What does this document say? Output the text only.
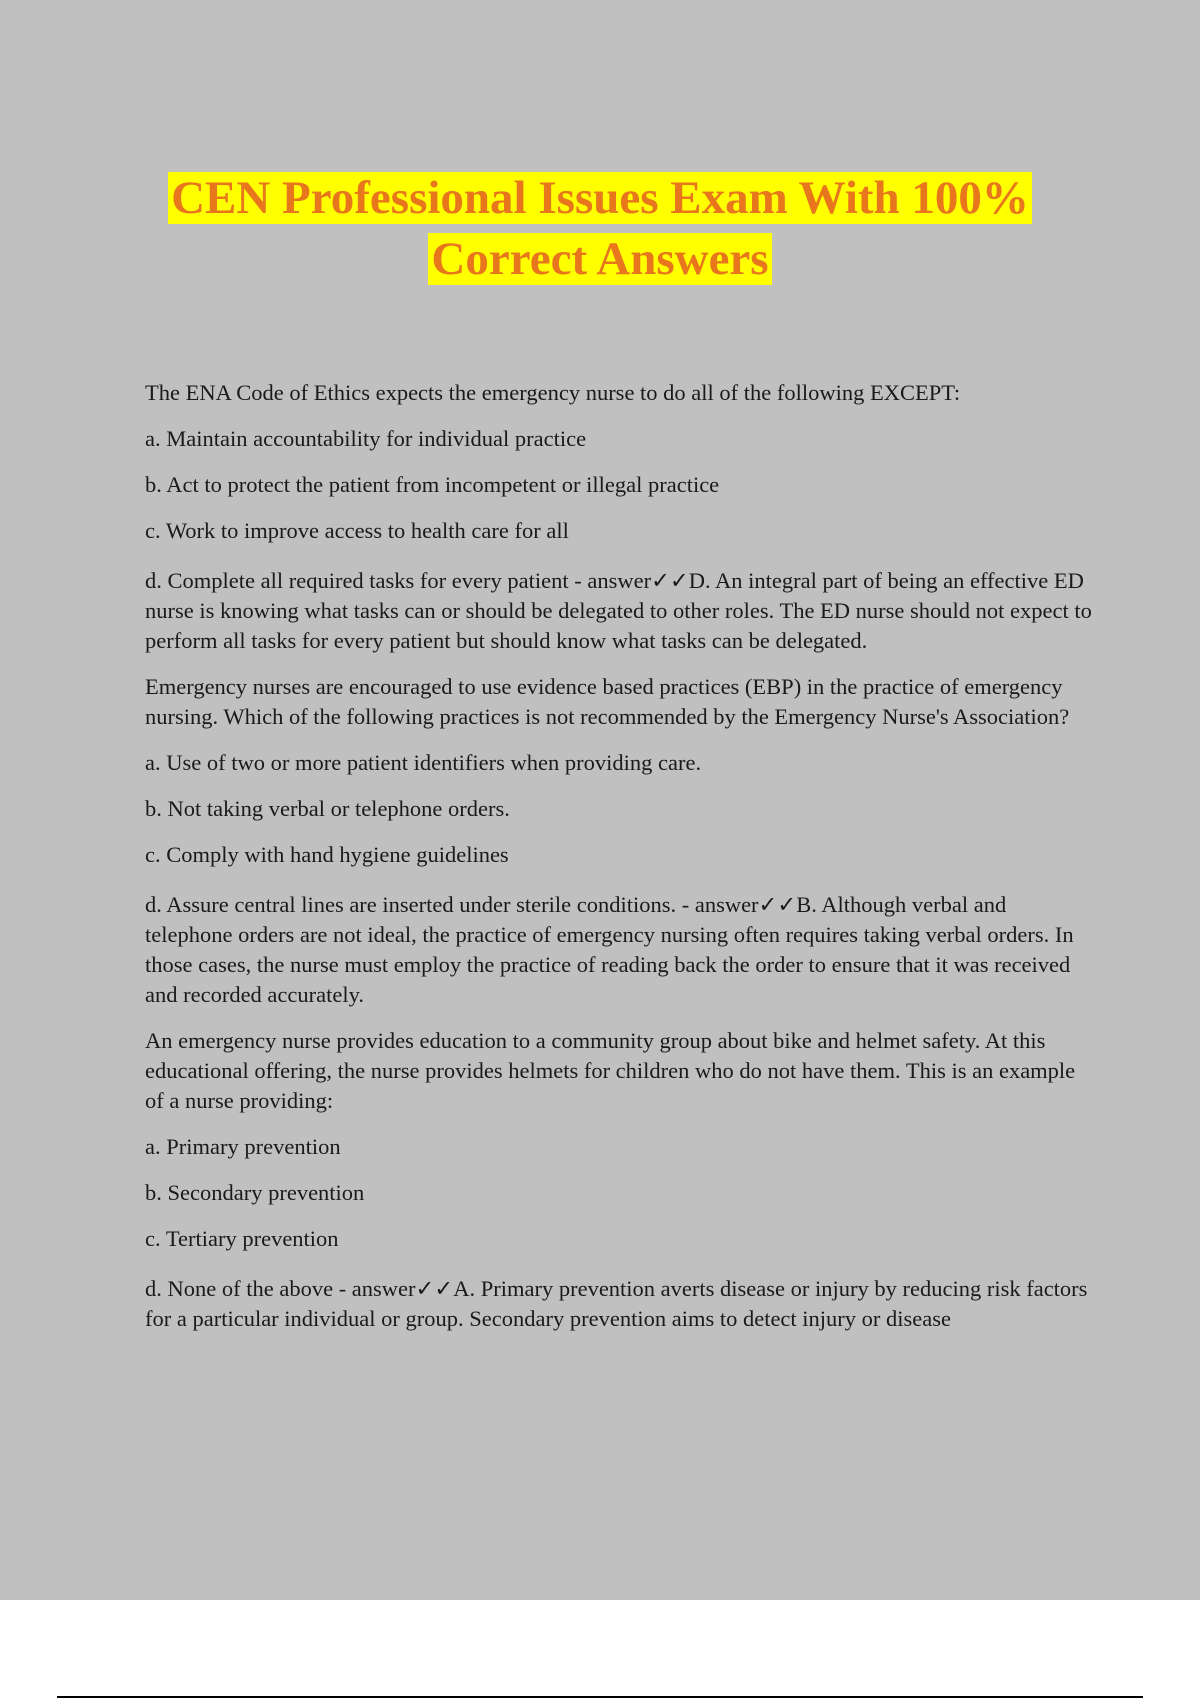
CEN Professional Issues Exam With 100%
Correct Answers

The ENA Code of Ethics expects the emergency nurse to do all of the following EXCEPT:

a. Maintain accountability for individual practice

b. Act to protect the patient from incompetent or illegal practice

c. Work to improve access to health care for all

d. Complete all required tasks for every patient - answer✓✓D. An integral part of being an effective ED nurse is knowing what tasks can or should be delegated to other roles. The ED nurse should not expect to perform all tasks for every patient but should know what tasks can be delegated.

Emergency nurses are encouraged to use evidence based practices (EBP) in the practice of emergency nursing. Which of the following practices is not recommended by the Emergency Nurse's Association?

a. Use of two or more patient identifiers when providing care.

b. Not taking verbal or telephone orders.

c. Comply with hand hygiene guidelines

d. Assure central lines are inserted under sterile conditions. - answer✓✓B. Although verbal and telephone orders are not ideal, the practice of emergency nursing often requires taking verbal orders. In those cases, the nurse must employ the practice of reading back the order to ensure that it was received and recorded accurately.

An emergency nurse provides education to a community group about bike and helmet safety. At this educational offering, the nurse provides helmets for children who do not have them. This is an example of a nurse providing:

a. Primary prevention

b. Secondary prevention

c. Tertiary prevention

d. None of the above - answer✓✓A. Primary prevention averts disease or injury by reducing risk factors for a particular individual or group. Secondary prevention aims to detect injury or disease
